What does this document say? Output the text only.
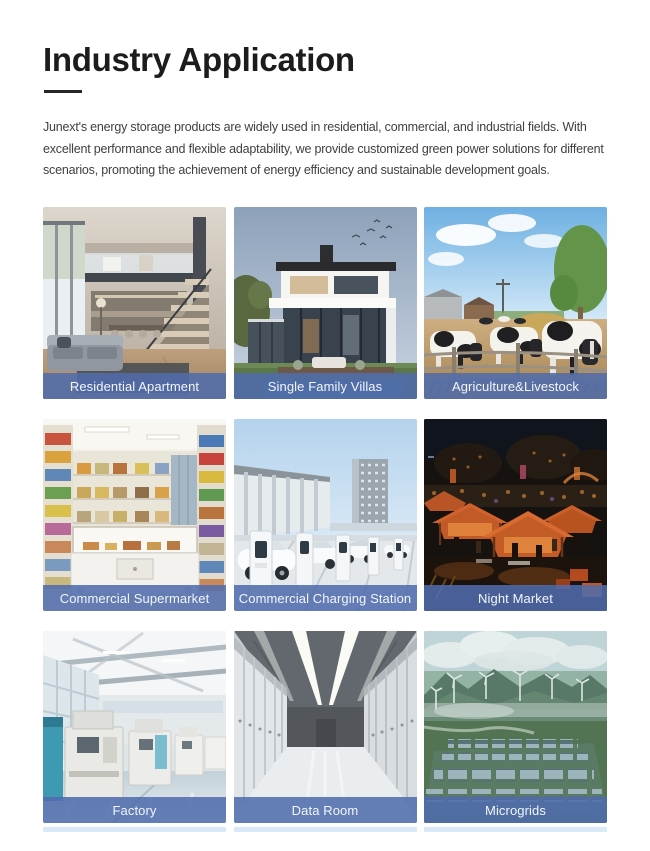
Industry Application

Junext's energy storage products are widely used in residential, commercial, and industrial fields. With excellent performance and flexible adaptability, we provide customized green power solutions for different scenarios, promoting the achievement of energy efficiency and sustainable development goals.

Residential Apartment	Single Family Villas	Agriculture&Livestock
Commercial Supermarket Commercial Charging Station	Night Market
Factory	Data Room	Microgrids
